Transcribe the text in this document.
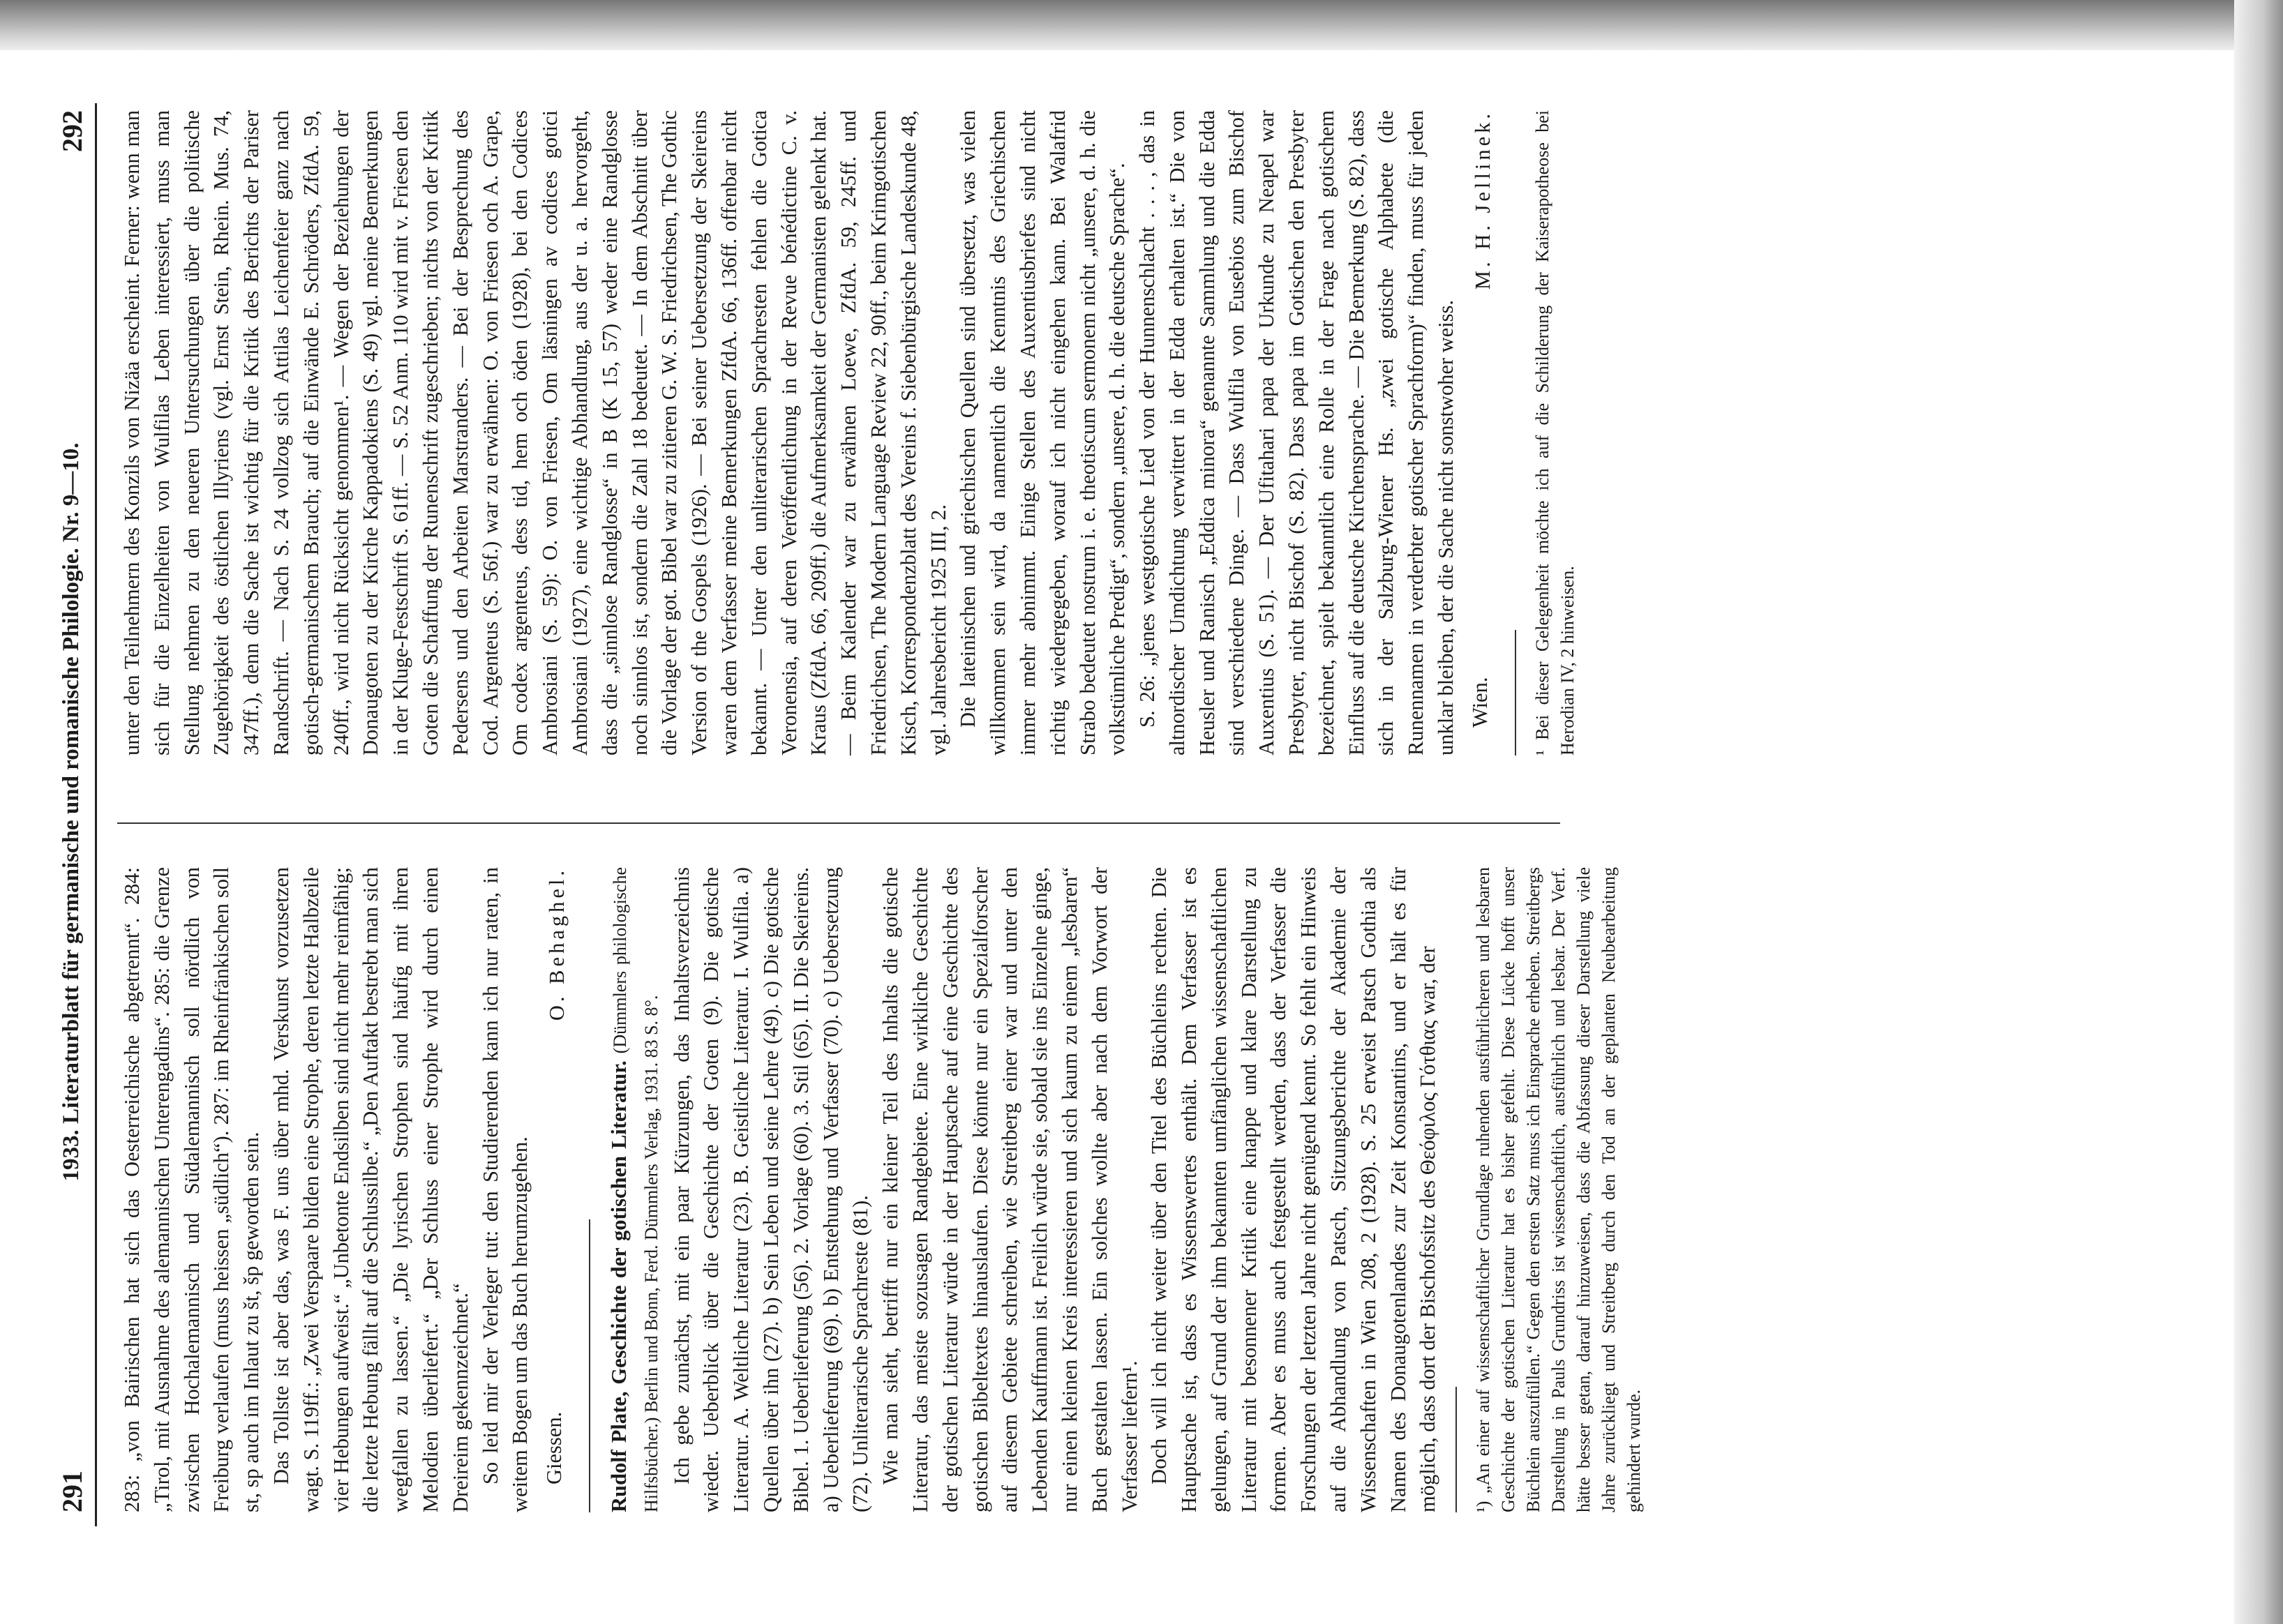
291
1933. Literaturblatt für germanische und romanische Philologie. Nr. 9—10.
292

283: „von Bairischen hat sich das Oesterreichische abgetrennt“. 284: „Tirol, mit Ausnahme des alemannischen Unterengadins“. 285: die Grenze zwischen Hochalemannisch und Südalemannisch soll nördlich von Freiburg verlaufen (muss heissen „südlich“). 287: im Rheinfränkischen soll st, sp auch im Inlaut zu št, šp geworden sein. Das Tollste ist aber das, was F. uns über mhd. Verskunst vorzusetzen wagt. S. 119ff.: „Zwei Verspaare bilden eine Strophe, deren letzte Halbzeile vier Hebungen aufweist.“ „Unbetonte Endsilben sind nicht mehr reimfähig; die letzte Hebung fällt auf die Schlussilbe.“ „Den Auftakt bestrebt man sich wegfallen zu lassen.“ „Die lyrischen Strophen sind häufig mit ihren Melodien überliefert.“ „Der Schluss einer Strophe wird durch einen Dreireim gekennzeichnet.“ So leid mir der Verleger tut: den Studierenden kann ich nur raten, in weitem Bogen um das Buch herumzugehen. Giessen.
O. Behaghel.

Rudolf Plate, Geschichte der gotischen Literatur. (Dümmlers philologische Hilfsbücher.) Berlin und Bonn, Ferd. Dümmlers Verlag, 1931. 83 S. 8°. Ich gebe zunächst, mit ein paar Kürzungen, das Inhaltsverzeichnis wieder. Ueberblick über die Geschichte der Goten (9). Die gotische Literatur. A. Weltliche Literatur (23). B. Geistliche Literatur. I. Wulfila. a) Quellen über ihn (27). b) Sein Leben und seine Lehre (49). c) Die gotische Bibel. 1. Ueberlieferung (56). 2. Vorlage (60). 3. Stil (65). II. Die Skeireins. a) Ueberlieferung (69). b) Entstehung und Verfasser (70). c) Uebersetzung (72). Unliterarische Sprachreste (81). Wie man sieht, betrifft nur ein kleiner Teil des Inhalts die gotische Literatur, das meiste sozusagen Randgebiete. Eine wirkliche Geschichte der gotischen Literatur würde in der Hauptsache auf eine Geschichte des gotischen Bibeltextes hinauslaufen. Diese könnte nur ein Spezialforscher auf diesem Gebiete schreiben, wie Streitberg einer war und unter den Lebenden Kauffmann ist. Freilich würde sie, sobald sie ins Einzelne ginge, nur einen kleinen Kreis interessieren und sich kaum zu einem „lesbaren“ Buch gestalten lassen. Ein solches wollte aber nach dem Vorwort der Verfasser liefern¹. Doch will ich nicht weiter über den Titel des Büchleins rechten. Die Hauptsache ist, dass es Wissenswertes enthält. Dem Verfasser ist es gelungen, auf Grund der ihm bekannten umfänglichen wissenschaftlichen Literatur mit besonnener Kritik eine knappe und klare Darstellung zu formen. Aber es muss auch festgestellt werden, dass der Verfasser die Forschungen der letzten Jahre nicht genügend kennt. So fehlt ein Hinweis auf die Abhandlung von Patsch, Sitzungsberichte der Akademie der Wissenschaften in Wien 208, 2 (1928). S. 25 erweist Patsch Gothia als Namen des Donaugotenlandes zur Zeit Konstantins, und er hält es für möglich, dass dort der Bischofssitz des Θεόφιλος Γότθιας war, der ¹) „An einer auf wissenschaftlicher Grundlage ruhenden ausführlicheren und lesbaren Geschichte der gotischen Literatur hat es bisher gefehlt. Diese Lücke hofft unser Büchlein auszufüllen.“ Gegen den ersten Satz muss ich Einsprache erheben. Streitbergs Darstellung in Pauls Grundriss ist wissenschaftlich, ausführlich und lesbar. Der Verf. hätte besser getan, darauf hinzuweisen, dass die Abfassung dieser Darstellung viele Jahre zurückliegt und Streitberg durch den Tod an der geplanten Neubearbeitung gehindert wurde.

unter den Teilnehmern des Konzils von Nizäa erscheint. Ferner: wenn man sich für die Einzelheiten von Wulfilas Leben interessiert, muss man Stellung nehmen zu den neueren Untersuchungen über die politische Zugehörigkeit des östlichen Illyriens (vgl. Ernst Stein, Rhein. Mus. 74, 347ff.), denn die Sache ist wichtig für die Kritik des Berichts der Pariser Randschrift. — Nach S. 24 vollzog sich Attilas Leichenfeier ganz nach gotisch-germanischem Brauch; auf die Einwände E. Schröders, ZfdA. 59, 240ff., wird nicht Rücksicht genommen¹. — Wegen der Beziehungen der Donaugoten zu der Kirche Kappadokiens (S. 49) vgl. meine Bemerkungen in der Kluge-Festschrift S. 61ff. — S. 52 Anm. 110 wird mit v. Friesen den Goten die Schaffung der Runenschrift zugeschrieben; nichts von der Kritik Pedersens und den Arbeiten Marstranders. — Bei der Besprechung des Cod. Argenteus (S. 56f.) war zu erwähnen: O. von Friesen och A. Grape, Om codex argenteus, dess tid, hem och öden (1928), bei den Codices Ambrosiani (S. 59): O. von Friesen, Om läsningen av codices gotici Ambrosiani (1927), eine wichtige Abhandlung, aus der u. a. hervorgeht, dass die „sinnlose Randglosse“ in B (K 15, 57) weder eine Randglosse noch sinnlos ist, sondern die Zahl 18 bedeutet. — In dem Abschnitt über die Vorlage der got. Bibel war zu zitieren G. W. S. Friedrichsen, The Gothic Version of the Gospels (1926). — Bei seiner Uebersetzung der Skeireins waren dem Verfasser meine Bemerkungen ZfdA. 66, 136ff. offenbar nicht bekannt. — Unter den unliterarischen Sprachresten fehlen die Gotica Veronensia, auf deren Veröffentlichung in der Revue bénédictine C. v. Kraus (ZfdA. 66, 209ff.) die Aufmerksamkeit der Germanisten gelenkt hat. — Beim Kalender war zu erwähnen Loewe, ZfdA. 59, 245ff. und Friedrichsen, The Modern Language Review 22, 90ff., beim Krimgotischen Kisch, Korrespondenzblatt des Vereins f. Siebenbürgische Landeskunde 48, vgl. Jahresbericht 1925 III, 2. Die lateinischen und griechischen Quellen sind übersetzt, was vielen willkommen sein wird, da namentlich die Kenntnis des Griechischen immer mehr abnimmt. Einige Stellen des Auxentiusbriefes sind nicht richtig wiedergegeben, worauf ich nicht eingehen kann. Bei Walafrid Strabo bedeutet nostrum i. e. theotiscum sermonem nicht „unsere, d. h. die volkstümliche Predigt“, sondern „unsere, d. h. die deutsche Sprache“. S. 26: „jenes westgotische Lied von der Hunnenschlacht . . . , das in altnordischer Umdichtung verwittert in der Edda erhalten ist.“ Die von Heusler und Ranisch „Eddica minora“ genannte Sammlung und die Edda sind verschiedene Dinge. — Dass Wulfila von Eusebios zum Bischof Auxentius (S. 51). — Der Ufitahari papa der Urkunde zu Neapel war Presbyter, nicht Bischof (S. 82). Dass papa im Gotischen den Presbyter bezeichnet, spielt bekanntlich eine Rolle in der Frage nach gotischem Einfluss auf die deutsche Kirchensprache. — Die Bemerkung (S. 82), dass sich in der Salzburg-Wiener Hs. „zwei gotische Alphabete (die Runennamen in verderbter gotischer Sprachform)“ finden, muss für jeden unklar bleiben, der die Sache nicht sonstwoher weiss. Wien.
M. H. Jellinek. ¹ Bei dieser Gelegenheit möchte ich auf die Schilderung der Kaiserapotheose bei Herodian IV, 2 hinweisen.
